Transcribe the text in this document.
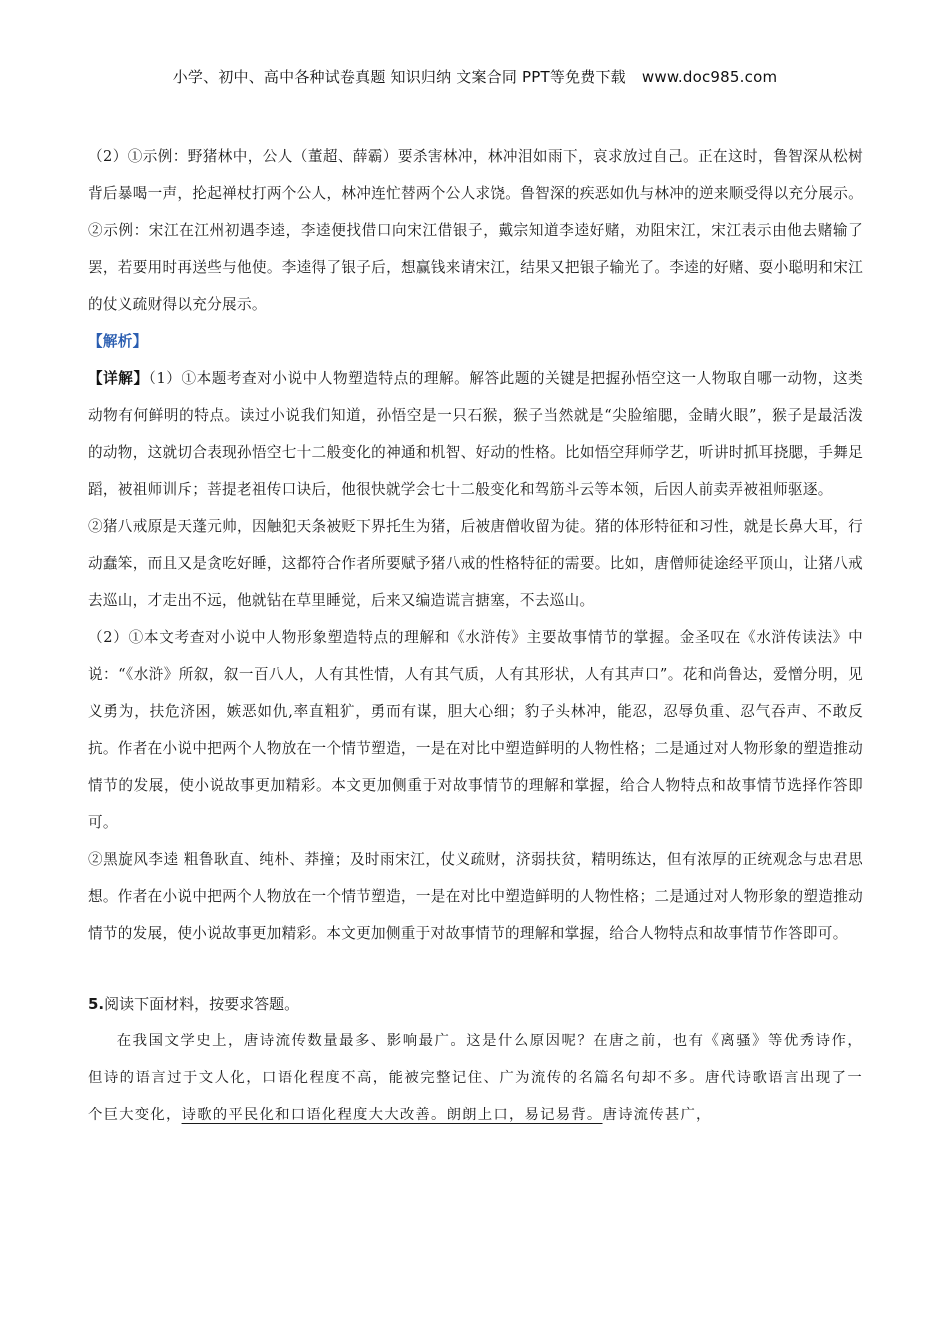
小学、初中、高中各种试卷真题 知识归纳 文案合同 PPT等免费下载 www.doc985.com

（2）①示例：野猪林中，公人（董超、薛霸）要杀害林冲，林冲泪如雨下，哀求放过自己。正在这时，鲁智深从松树背后暴喝一声，抡起禅杖打两个公人，林冲连忙替两个公人求饶。鲁智深的疾恶如仇与林冲的逆来顺受得以充分展示。②示例：宋江在江州初遇李逵，李逵便找借口向宋江借银子，戴宗知道李逵好赌，劝阻宋江，宋江表示由他去赌输了罢，若要用时再送些与他使。李逵得了银子后，想赢钱来请宋江，结果又把银子输光了。李逵的好赌、耍小聪明和宋江的仗义疏财得以充分展示。

【解析】

【详解】（1）①本题考查对小说中人物塑造特点的理解。解答此题的关键是把握孙悟空这一人物取自哪一动物，这类动物有何鲜明的特点。读过小说我们知道，孙悟空是一只石猴，猴子当然就是“尖脸缩腮，金睛火眼”，猴子是最活泼的动物，这就切合表现孙悟空七十二般变化的神通和机智、好动的性格。比如悟空拜师学艺，听讲时抓耳挠腮，手舞足蹈，被祖师训斥；菩提老祖传口诀后，他很快就学会七十二般变化和驾筋斗云等本领，后因人前卖弄被祖师驱逐。

②猪八戒原是天蓬元帅，因触犯天条被贬下界托生为猪，后被唐僧收留为徒。猪的体形特征和习性，就是长鼻大耳，行动蠢笨，而且又是贪吃好睡，这都符合作者所要赋予猪八戒的性格特征的需要。比如，唐僧师徒途经平顶山，让猪八戒去巡山，才走出不远，他就钻在草里睡觉，后来又编造谎言搪塞，不去巡山。

（2）①本文考查对小说中人物形象塑造特点的理解和《水浒传》主要故事情节的掌握。金圣叹在《水浒传读法》中说：“《水浒》所叙，叙一百八人，人有其性情，人有其气质，人有其形状，人有其声口”。花和尚鲁达，爱憎分明，见义勇为，扶危济困，嫉恶如仇,率直粗犷，勇而有谋，胆大心细；豹子头林冲，能忍，忍辱负重、忍气吞声、不敢反抗。作者在小说中把两个人物放在一个情节塑造，一是在对比中塑造鲜明的人物性格；二是通过对人物形象的塑造推动情节的发展，使小说故事更加精彩。本文更加侧重于对故事情节的理解和掌握，给合人物特点和故事情节选择作答即可。

②黑旋风李逵 粗鲁耿直、纯朴、莽撞；及时雨宋江，仗义疏财，济弱扶贫，精明练达，但有浓厚的正统观念与忠君思想。作者在小说中把两个人物放在一个情节塑造，一是在对比中塑造鲜明的人物性格；二是通过对人物形象的塑造推动情节的发展，使小说故事更加精彩。本文更加侧重于对故事情节的理解和掌握，给合人物特点和故事情节作答即可。

5.阅读下面材料，按要求答题。

在我国文学史上，唐诗流传数量最多、影响最广。这是什么原因呢？在唐之前，也有《离骚》等优秀诗作，但诗的语言过于文人化，口语化程度不高，能被完整记住、广为流传的名篇名句却不多。唐代诗歌语言出现了一个巨大变化，诗歌的平民化和口语化程度大大改善。朗朗上口，易记易背。唐诗流传甚广，
